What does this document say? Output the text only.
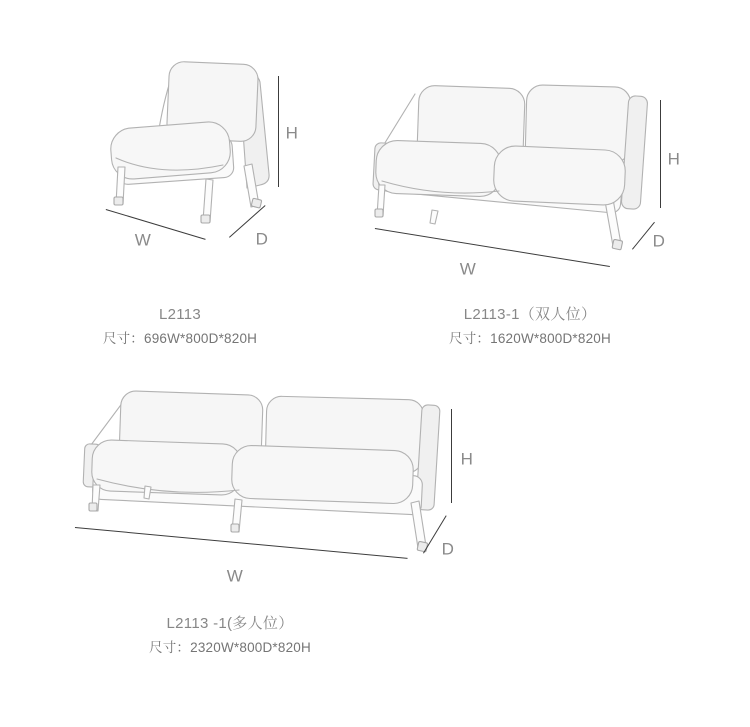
H
W	D
L2113
尺寸：696W*800D*820H
H
W
D
L2113-1（双人位）
尺寸：1620W*800D*820H
H
W
D
L2113 -1(多人位）
尺寸：2320W*800D*820H
